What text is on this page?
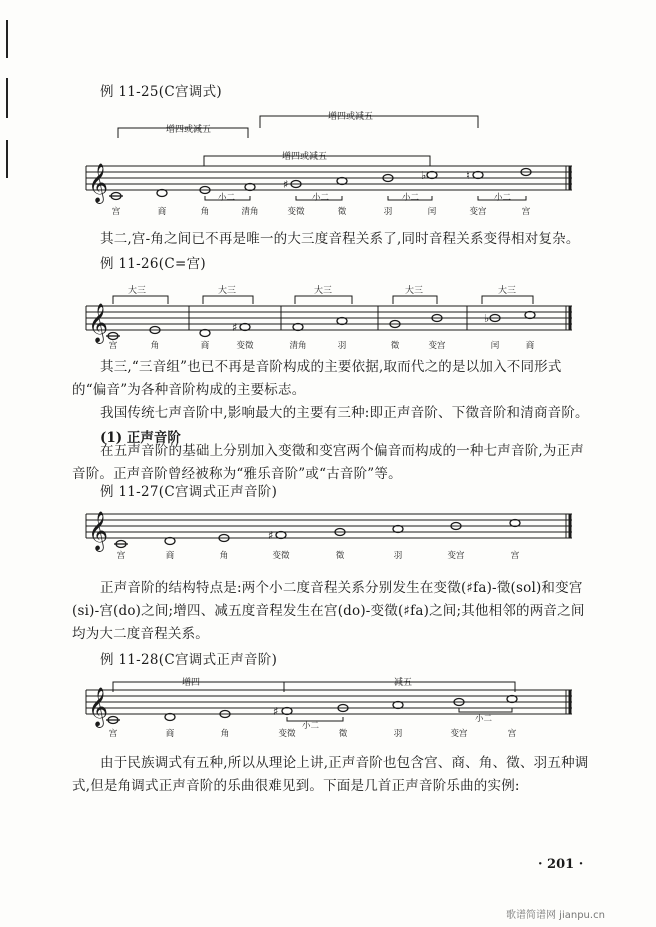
例 11-25(C宫调式)
增四或减五
增四或减五
增四或减五
𝄞	♯
♭	♮
小二	小二	小二	小二
宫	商	角	清角	变徵	徵	羽	闰	变宫	宫
其二,宫-角之间已不再是唯一的大三度音程关系了,同时音程关系变得相对复杂。
例 11-26(C=宫)
大三	大三	大三	大三	大三
𝄞	♯
♭
宫	角	商	变徵	清角	羽	徵	变宫	闰	商
其三,“三音组”也已不再是音阶构成的主要依据,取而代之的是以加入不同形式的“偏音”为各种音阶构成的主要标志。
我国传统七声音阶中,影响最大的主要有三种:即正声音阶、下徵音阶和清商音阶。
(1) 正声音阶
在五声音阶的基础上分别加入变徵和变宫两个偏音而构成的一种七声音阶,为正声音阶。正声音阶曾经被称为“雅乐音阶”或“古音阶”等。
例 11-27(C宫调式正声音阶)
𝄞	♯
宫	商	角	变徵	徵	羽	变宫	宫
正声音阶的结构特点是:两个小二度音程关系分别发生在变徵(♯fa)-徵(sol)和变宫(si)-宫(do)之间;增四、减五度音程发生在宫(do)-变徵(♯fa)之间;其他相邻的两音之间均为大二度音程关系。
例 11-28(C宫调式正声音阶)
增四	减五
𝄞	♯
小二
小二
宫	商	角	变徵	徵	羽	变宫	宫
由于民族调式有五种,所以从理论上讲,正声音阶也包含宫、商、角、徵、羽五种调式,但是角调式正声音阶的乐曲很难见到。下面是几首正声音阶乐曲的实例:
· 201 ·
歌谱简谱网 jianpu.cn
